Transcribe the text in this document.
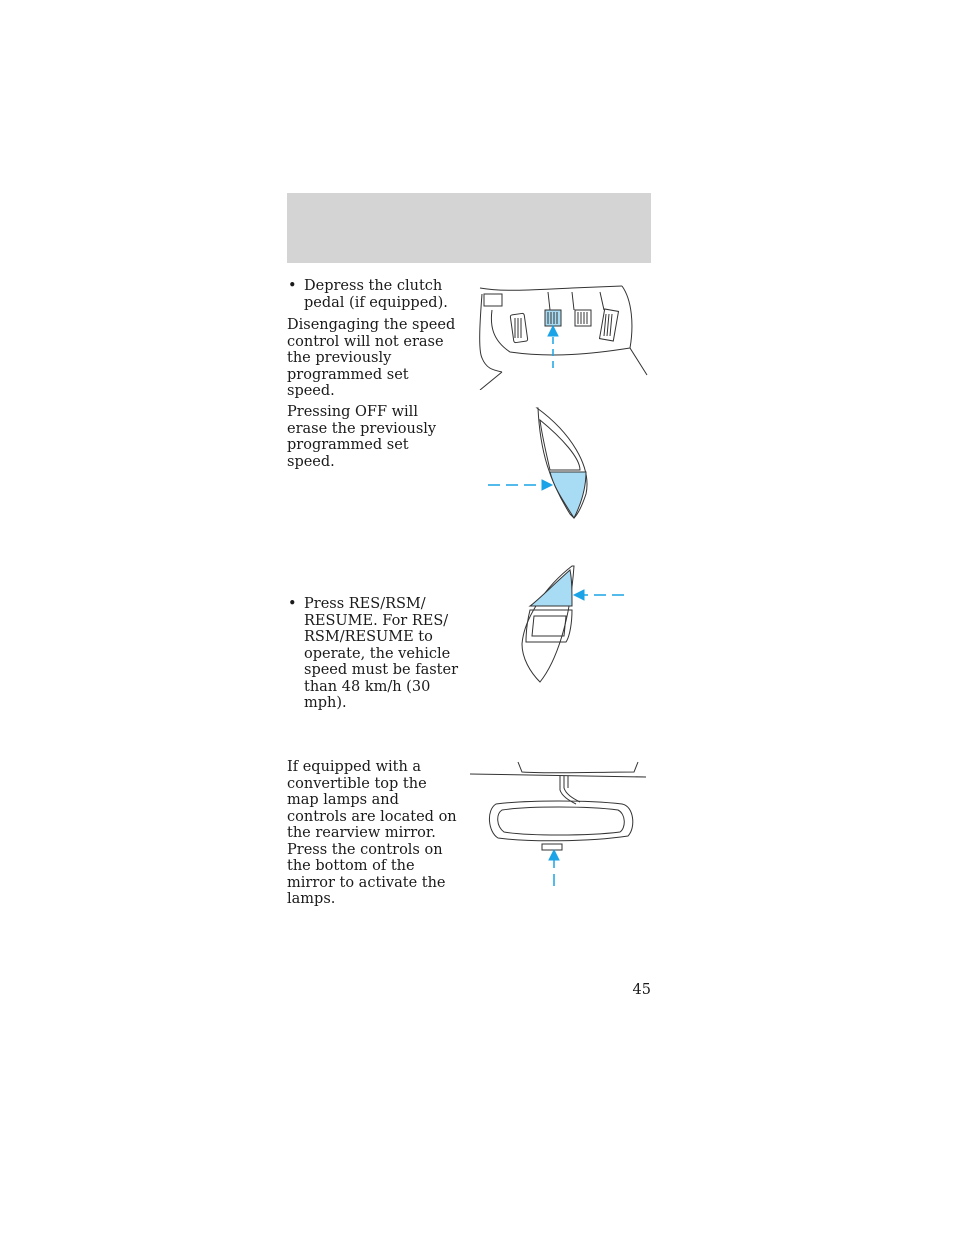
• Depress the clutch pedal (if equipped).

Disengaging the speed control will not erase the previously programmed set speed.

Pressing OFF will erase the previously programmed set speed.

• Press RES/RSM/ RESUME. For RES/ RSM/RESUME to operate, the vehicle speed must be faster than 48 km/h (30 mph).

If equipped with a convertible top the map lamps and controls are located on the rearview mirror. Press the controls on the bottom of the mirror to activate the lamps.

45
